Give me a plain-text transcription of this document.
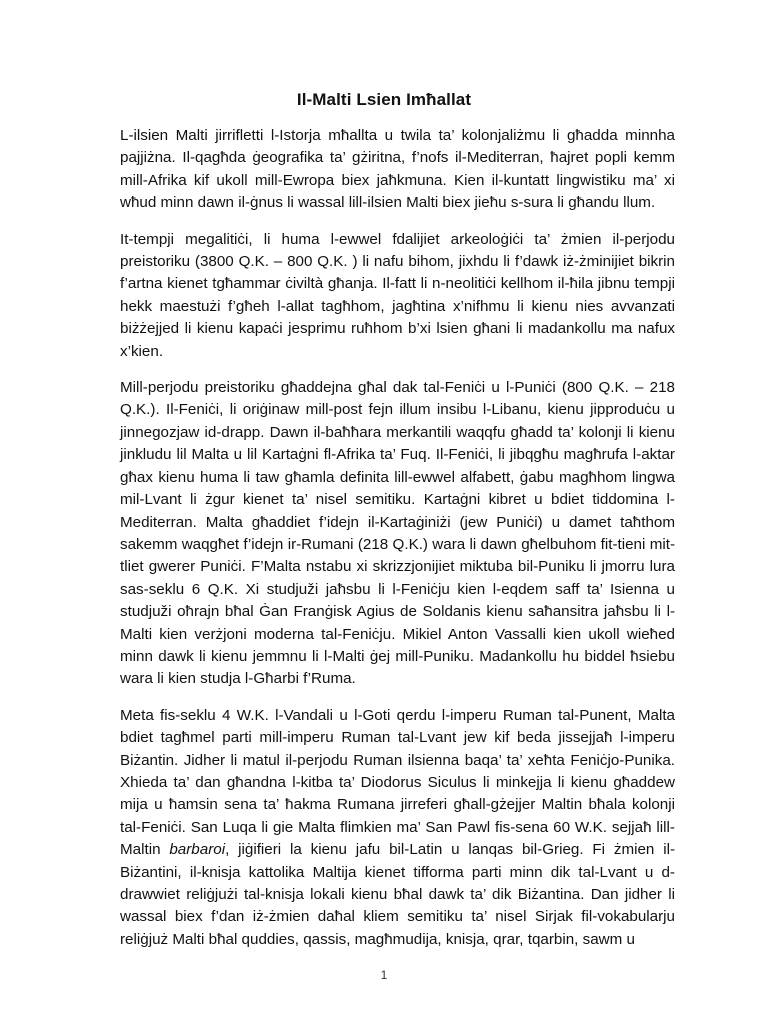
Il-Malti Lsien Imħallat

L-ilsien Malti jirrifletti l-Istorja mħallta u twila ta’ kolonjaliżmu li għadda minnha pajjiżna. Il-qagħda ġeografika ta’ gżiritna, f’nofs il-Mediterran, ħajret popli kemm mill-Afrika kif ukoll mill-Ewropa biex jaħkmuna. Kien il-kuntatt lingwistiku ma’ xi wħud minn dawn il-ġnus li wassal lill-ilsien Malti biex jieħu s-sura li għandu llum.

It-tempji megalitiċi, li huma l-ewwel fdalijiet arkeoloġiċi ta’ żmien il-perjodu preistoriku (3800 Q.K. – 800 Q.K. ) li nafu bihom, jixhdu li f’dawk iż-żminijiet bikrin f’artna kienet tgħammar ċiviltà għanja. Il-fatt li n-neolitiċi kellhom il-ħila jibnu tempji hekk maestużi f’għeh l-allat tagħhom, jagħtina x’nifhmu li kienu nies avvanzati biżżejjed li kienu kapaċi jesprimu ruħhom b’xi lsien għani li madankollu ma nafux x’kien.

Mill-perjodu preistoriku għaddejna għal dak tal-Feniċi u l-Puniċi (800 Q.K. – 218 Q.K.). Il-Feniċi, li oriġinaw mill-post fejn illum insibu l-Libanu, kienu jipproduċu u jinnegozjaw id-drapp. Dawn il-baħħara merkantili waqqfu għadd ta’ kolonji li kienu jinkludu lil Malta u lil Kartaġni fl-Afrika ta’ Fuq. Il-Feniċi, li jibqgħu magħrufa l-aktar għax kienu huma li taw għamla definita lill-ewwel alfabett, ġabu magħhom lingwa mil-Lvant li żgur kienet ta’ nisel semitiku. Kartaġni kibret u bdiet tiddomina l-Mediterran. Malta għaddiet f’idejn il-Kartaġiniżi (jew Puniċi) u damet taħthom sakemm waqgħet f’idejn ir-Rumani (218 Q.K.) wara li dawn għelbuhom fit-tieni mit-tliet gwerer Puniċi. F’Malta nstabu xi skrizzjonijiet miktuba bil-Puniku li jmorru lura sas-seklu 6 Q.K. Xi studjuži jaħsbu li l-Feniċju kien l-eqdem saff ta’ Isienna u studjuži oħrajn bħal Ġan Franġisk Agius de Soldanis kienu saħansitra jaħsbu li l-Malti kien verżjoni moderna tal-Feniċju. Mikiel Anton Vassalli kien ukoll wieħed minn dawk li kienu jemmnu li l-Malti ġej mill-Puniku. Madankollu hu biddel ħsiebu wara li kien studja l-Għarbi f’Ruma.

Meta fis-seklu 4 W.K. l-Vandali u l-Goti qerdu l-imperu Ruman tal-Punent, Malta bdiet tagħmel parti mill-imperu Ruman tal-Lvant jew kif beda jissejjaħ l-imperu Biżantin. Jidher li matul il-perjodu Ruman ilsienna baqa’ ta’ xeħta Feniċjo-Punika. Xhieda ta’ dan għandna l-kitba ta’ Diodorus Siculus li minkejja li kienu għaddew mija u ħamsin sena ta’ ħakma Rumana jirreferi għall-gżejjer Maltin bħala kolonji tal-Feniċi. San Luqa li gie Malta flimkien ma’ San Pawl fis-sena 60 W.K. sejjaħ lill-Maltin barbaroi, jiġifieri la kienu jafu bil-Latin u lanqas bil-Grieg. Fi żmien il-Biżantini, il-knisja kattolika Maltija kienet tifforma parti minn dik tal-Lvant u d-drawwiet reliġjużi tal-knisja lokali kienu bħal dawk ta’ dik Biżantina. Dan jidher li wassal biex f’dan iż-żmien daħal kliem semitiku ta’ nisel Sirjak fil-vokabularju reliġjuż Malti bħal quddies, qassis, magħmudija, knisja, qrar, tqarbin, sawm u

1
